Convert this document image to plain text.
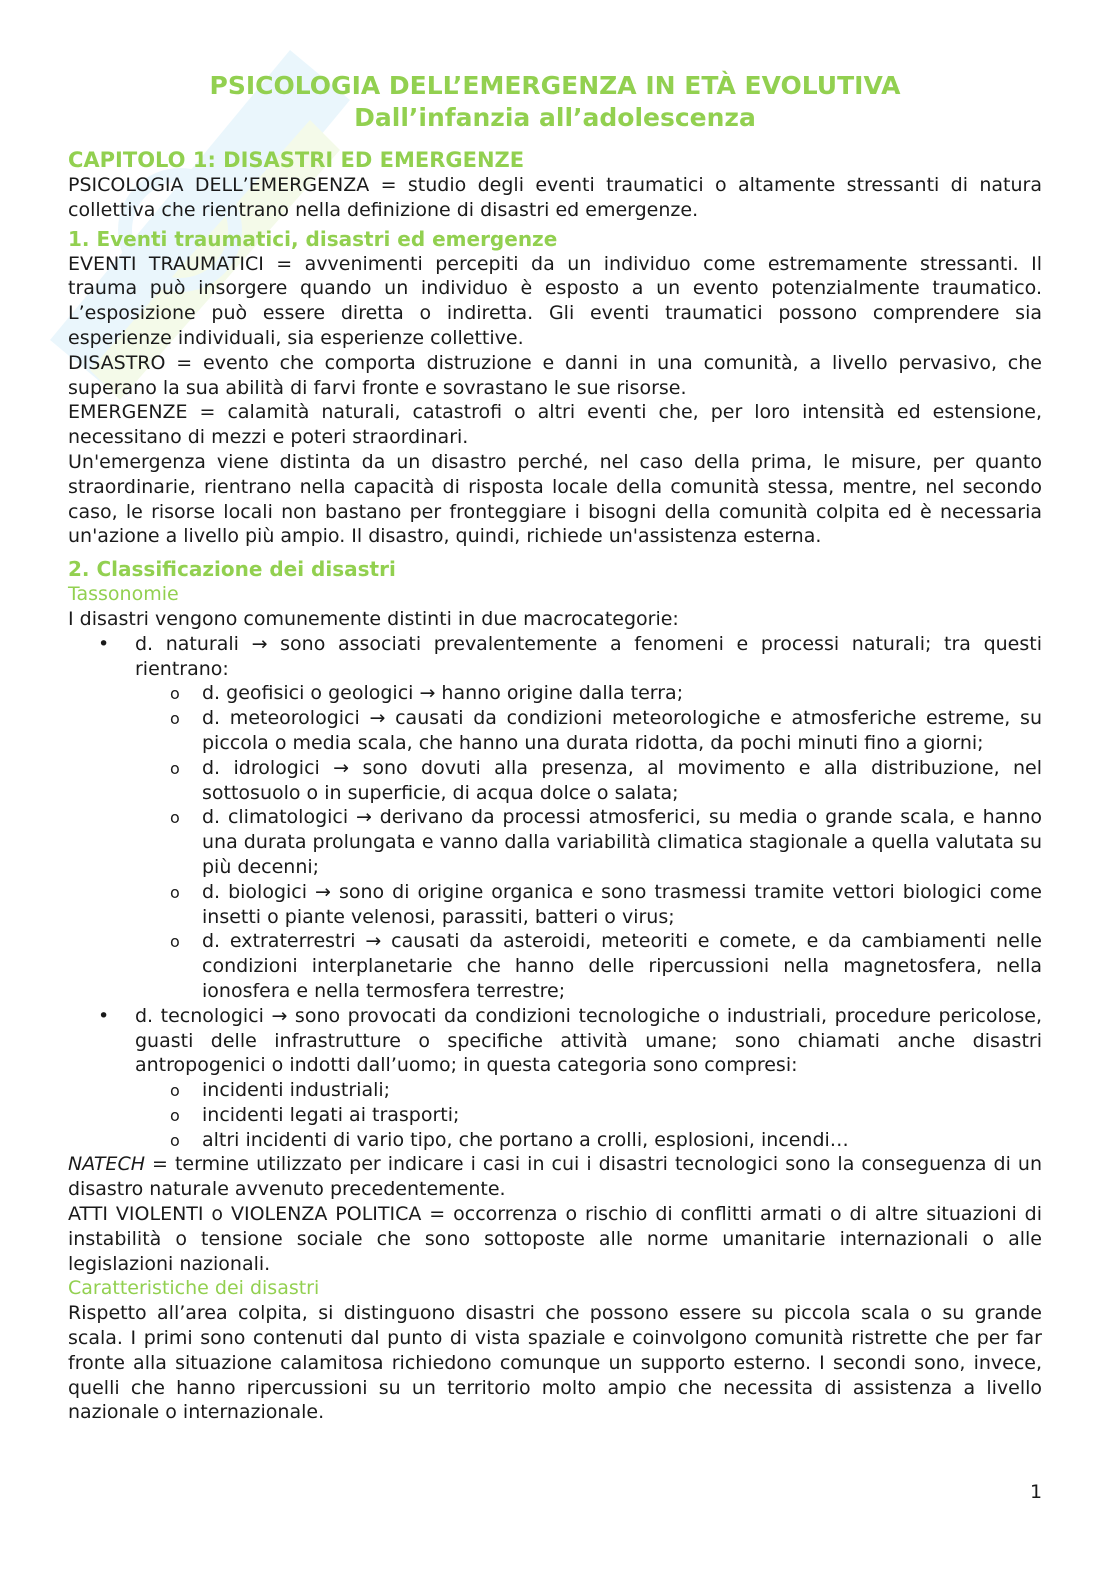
PSICOLOGIA DELL’EMERGENZA IN ETÀ EVOLUTIVA
Dall’infanzia all’adolescenza
CAPITOLO 1: DISASTRI ED EMERGENZE

PSICOLOGIA DELL’EMERGENZA = studio degli eventi traumatici o altamente stressanti di natura collettiva che rientrano nella definizione di disastri ed emergenze.

1. Eventi traumatici, disastri ed emergenze

EVENTI TRAUMATICI = avvenimenti percepiti da un individuo come estremamente stressanti. Il trauma può insorgere quando un individuo è esposto a un evento potenzialmente traumatico. L’esposizione può essere diretta o indiretta. Gli eventi traumatici possono comprendere sia esperienze individuali, sia esperienze collettive.

DISASTRO = evento che comporta distruzione e danni in una comunità, a livello pervasivo, che superano la sua abilità di farvi fronte e sovrastano le sue risorse.

EMERGENZE = calamità naturali, catastrofi o altri eventi che, per loro intensità ed estensione, necessitano di mezzi e poteri straordinari.

Un'emergenza viene distinta da un disastro perché, nel caso della prima, le misure, per quanto straordinarie, rientrano nella capacità di risposta locale della comunità stessa, mentre, nel secondo caso, le risorse locali non bastano per fronteggiare i bisogni della comunità colpita ed è necessaria un'azione a livello più ampio. Il disastro, quindi, richiede un'assistenza esterna.

2. Classificazione dei disastri
Tassonomie

I disastri vengono comunemente distinti in due macrocategorie:

• d. naturali → sono associati prevalentemente a fenomeni e processi naturali; tra questi rientrano:
o d. geofisici o geologici → hanno origine dalla terra;
o d. meteorologici → causati da condizioni meteorologiche e atmosferiche estreme, su piccola o media scala, che hanno una durata ridotta, da pochi minuti fino a giorni;
o d. idrologici → sono dovuti alla presenza, al movimento e alla distribuzione, nel sottosuolo o in superficie, di acqua dolce o salata;
o d. climatologici → derivano da processi atmosferici, su media o grande scala, e hanno una durata prolungata e vanno dalla variabilità climatica stagionale a quella valutata su più decenni;
o d. biologici → sono di origine organica e sono trasmessi tramite vettori biologici come insetti o piante velenosi, parassiti, batteri o virus;
o d. extraterrestri → causati da asteroidi, meteoriti e comete, e da cambiamenti nelle condizioni interplanetarie che hanno delle ripercussioni nella magnetosfera, nella ionosfera e nella termosfera terrestre;
• d. tecnologici → sono provocati da condizioni tecnologiche o industriali, procedure pericolose, guasti delle infrastrutture o specifiche attività umane; sono chiamati anche disastri antropogenici o indotti dall’uomo; in questa categoria sono compresi:
o incidenti industriali;
o incidenti legati ai trasporti;
o altri incidenti di vario tipo, che portano a crolli, esplosioni, incendi…

NATECH = termine utilizzato per indicare i casi in cui i disastri tecnologici sono la conseguenza di un disastro naturale avvenuto precedentemente.

ATTI VIOLENTI o VIOLENZA POLITICA = occorrenza o rischio di conflitti armati o di altre situazioni di instabilità o tensione sociale che sono sottoposte alle norme umanitarie internazionali o alle legislazioni nazionali.

Caratteristiche dei disastri

Rispetto all’area colpita, si distinguono disastri che possono essere su piccola scala o su grande scala. I primi sono contenuti dal punto di vista spaziale e coinvolgono comunità ristrette che per far fronte alla situazione calamitosa richiedono comunque un supporto esterno. I secondi sono, invece, quelli che hanno ripercussioni su un territorio molto ampio che necessita di assistenza a livello nazionale o internazionale.

1
